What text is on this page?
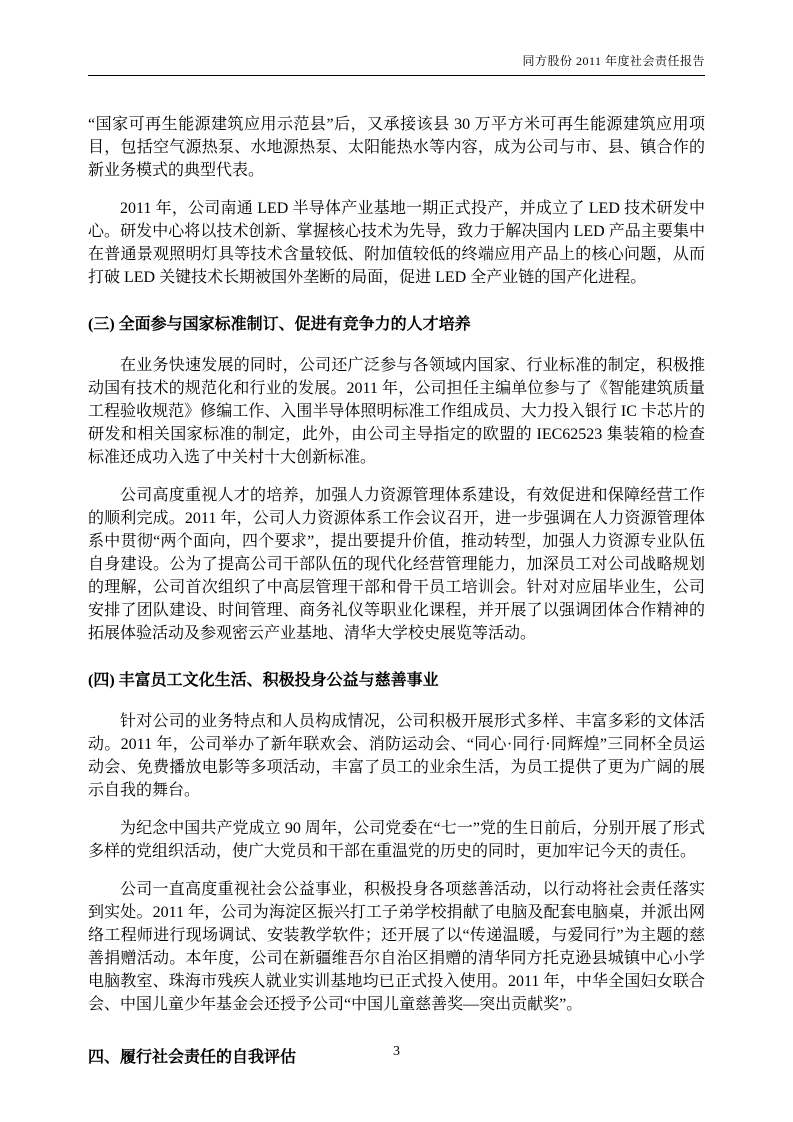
同方股份 2011 年度社会责任报告

“国家可再生能源建筑应用示范县”后，又承接该县 30 万平方米可再生能源建筑应用项目，包括空气源热泵、水地源热泵、太阳能热水等内容，成为公司与市、县、镇合作的新业务模式的典型代表。

2011 年，公司南通 LED 半导体产业基地一期正式投产，并成立了 LED 技术研发中心。研发中心将以技术创新、掌握核心技术为先导，致力于解决国内 LED 产品主要集中在普通景观照明灯具等技术含量较低、附加值较低的终端应用产品上的核心问题，从而打破 LED 关键技术长期被国外垄断的局面，促进 LED 全产业链的国产化进程。

(三) 全面参与国家标准制订、促进有竞争力的人才培养

在业务快速发展的同时，公司还广泛参与各领域内国家、行业标准的制定，积极推动国有技术的规范化和行业的发展。2011 年，公司担任主编单位参与了《智能建筑质量工程验收规范》修编工作、入围半导体照明标准工作组成员、大力投入银行 IC 卡芯片的研发和相关国家标准的制定，此外，由公司主导指定的欧盟的 IEC62523 集装箱的检查标准还成功入选了中关村十大创新标准。

公司高度重视人才的培养，加强人力资源管理体系建设，有效促进和保障经营工作的顺利完成。2011 年，公司人力资源体系工作会议召开，进一步强调在人力资源管理体系中贯彻“两个面向，四个要求”，提出要提升价值，推动转型，加强人力资源专业队伍自身建设。公为了提高公司干部队伍的现代化经营管理能力，加深员工对公司战略规划的理解，公司首次组织了中高层管理干部和骨干员工培训会。针对对应届毕业生，公司安排了团队建设、时间管理、商务礼仪等职业化课程，并开展了以强调团体合作精神的拓展体验活动及参观密云产业基地、清华大学校史展览等活动。

(四) 丰富员工文化生活、积极投身公益与慈善事业

针对公司的业务特点和人员构成情况，公司积极开展形式多样、丰富多彩的文体活动。2011 年，公司举办了新年联欢会、消防运动会、“同心·同行·同辉煌”三同杯全员运动会、免费播放电影等多项活动，丰富了员工的业余生活，为员工提供了更为广阔的展示自我的舞台。

为纪念中国共产党成立 90 周年，公司党委在“七一”党的生日前后，分别开展了形式多样的党组织活动，使广大党员和干部在重温党的历史的同时，更加牢记今天的责任。

公司一直高度重视社会公益事业，积极投身各项慈善活动，以行动将社会责任落实到实处。2011 年，公司为海淀区振兴打工子弟学校捐献了电脑及配套电脑桌，并派出网络工程师进行现场调试、安装教学软件；还开展了以“传递温暖，与爱同行”为主题的慈善捐赠活动。本年度，公司在新疆维吾尔自治区捐赠的清华同方托克逊县城镇中心小学电脑教室、珠海市残疾人就业实训基地均已正式投入使用。2011 年，中华全国妇女联合会、中国儿童少年基金会还授予公司“中国儿童慈善奖—突出贡献奖”。

四、履行社会责任的自我评估	3
